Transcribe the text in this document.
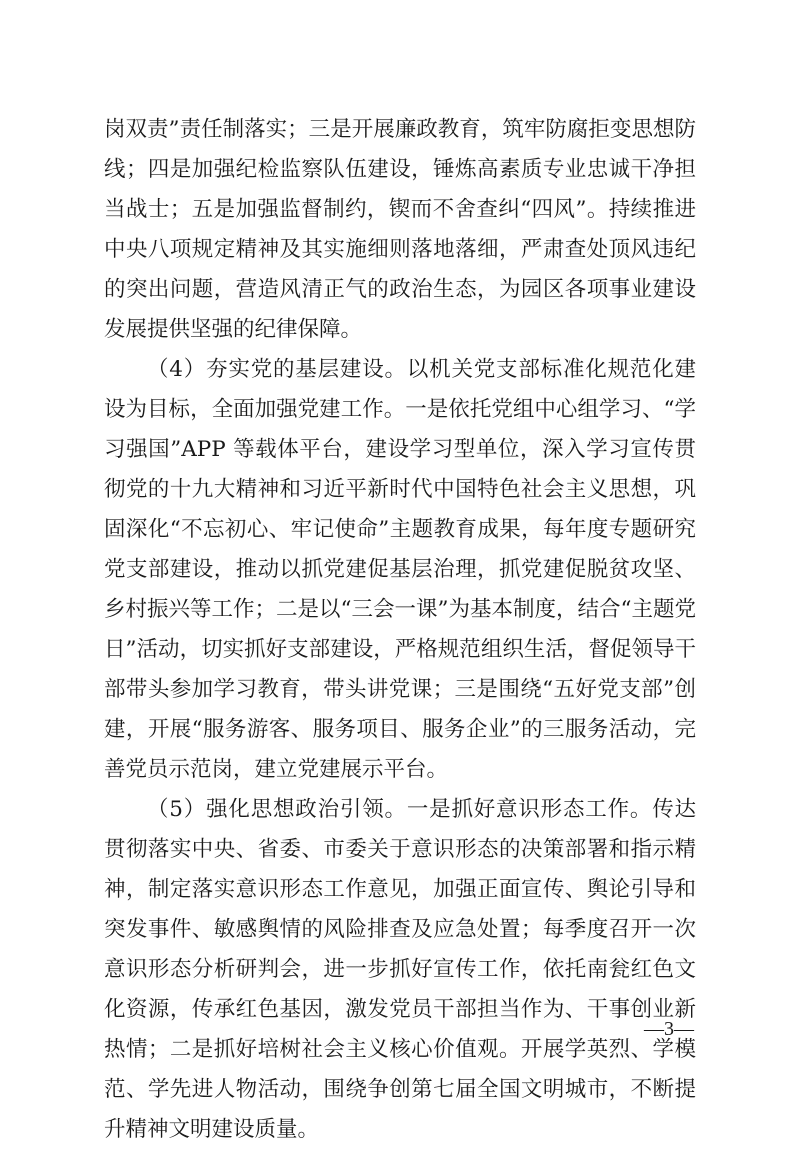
岗双责”责任制落实；三是开展廉政教育，筑牢防腐拒变思想防线；四是加强纪检监察队伍建设，锤炼高素质专业忠诚干净担当战士；五是加强监督制约，锲而不舍查纠“四风”。持续推进中央八项规定精神及其实施细则落地落细，严肃查处顶风违纪的突出问题，营造风清正气的政治生态，为园区各项事业建设发展提供坚强的纪律保障。

（4）夯实党的基层建设。以机关党支部标准化规范化建设为目标，全面加强党建工作。一是依托党组中心组学习、“学习强国”APP 等载体平台，建设学习型单位，深入学习宣传贯彻党的十九大精神和习近平新时代中国特色社会主义思想，巩固深化“不忘初心、牢记使命”主题教育成果，每年度专题研究党支部建设，推动以抓党建促基层治理，抓党建促脱贫攻坚、乡村振兴等工作；二是以“三会一课”为基本制度，结合“主题党日”活动，切实抓好支部建设，严格规范组织生活，督促领导干部带头参加学习教育，带头讲党课；三是围绕“五好党支部”创建，开展“服务游客、服务项目、服务企业”的三服务活动，完善党员示范岗，建立党建展示平台。

（5）强化思想政治引领。一是抓好意识形态工作。传达贯彻落实中央、省委、市委关于意识形态的决策部署和指示精神，制定落实意识形态工作意见，加强正面宣传、舆论引导和突发事件、敏感舆情的风险排查及应急处置；每季度召开一次意识形态分析研判会，进一步抓好宣传工作，依托南瓮红色文化资源，传承红色基因，激发党员干部担当作为、干事创业新热情；二是抓好培树社会主义核心价值观。开展学英烈、学模范、学先进人物活动，围绕争创第七届全国文明城市，不断提升精神文明建设质量。

—3—
